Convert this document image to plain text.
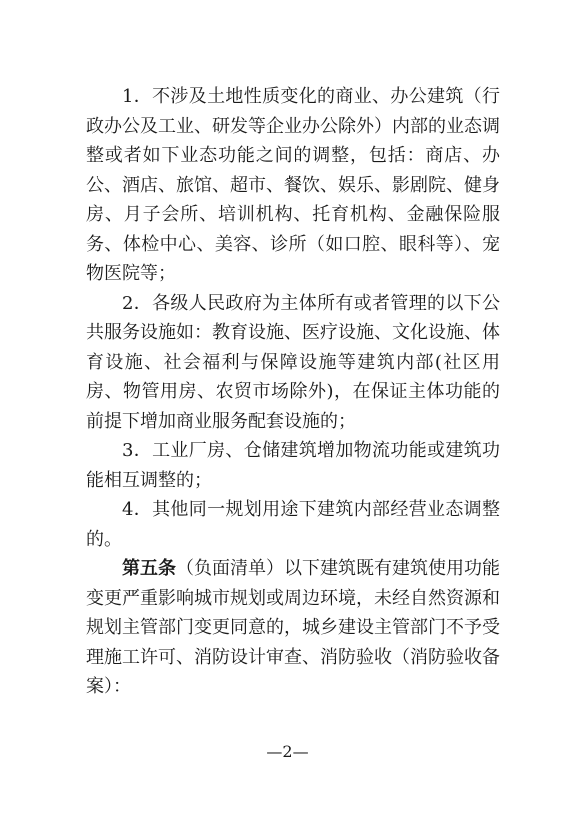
1．不涉及土地性质变化的商业、办公建筑（行政办公及工业、研发等企业办公除外）内部的业态调整或者如下业态功能之间的调整，包括：商店、办公、酒店、旅馆、超市、餐饮、娱乐、影剧院、健身房、月子会所、培训机构、托育机构、金融保险服务、体检中心、美容、诊所（如口腔、眼科等）、宠物医院等；

2．各级人民政府为主体所有或者管理的以下公共服务设施如：教育设施、医疗设施、文化设施、体育设施、社会福利与保障设施等建筑内部(社区用房、物管用房、农贸市场除外)，在保证主体功能的前提下增加商业服务配套设施的；

3．工业厂房、仓储建筑增加物流功能或建筑功能相互调整的；

4．其他同一规划用途下建筑内部经营业态调整的。

第五条（负面清单）以下建筑既有建筑使用功能变更严重影响城市规划或周边环境，未经自然资源和规划主管部门变更同意的，城乡建设主管部门不予受理施工许可、消防设计审查、消防验收（消防验收备案）：

—2—
